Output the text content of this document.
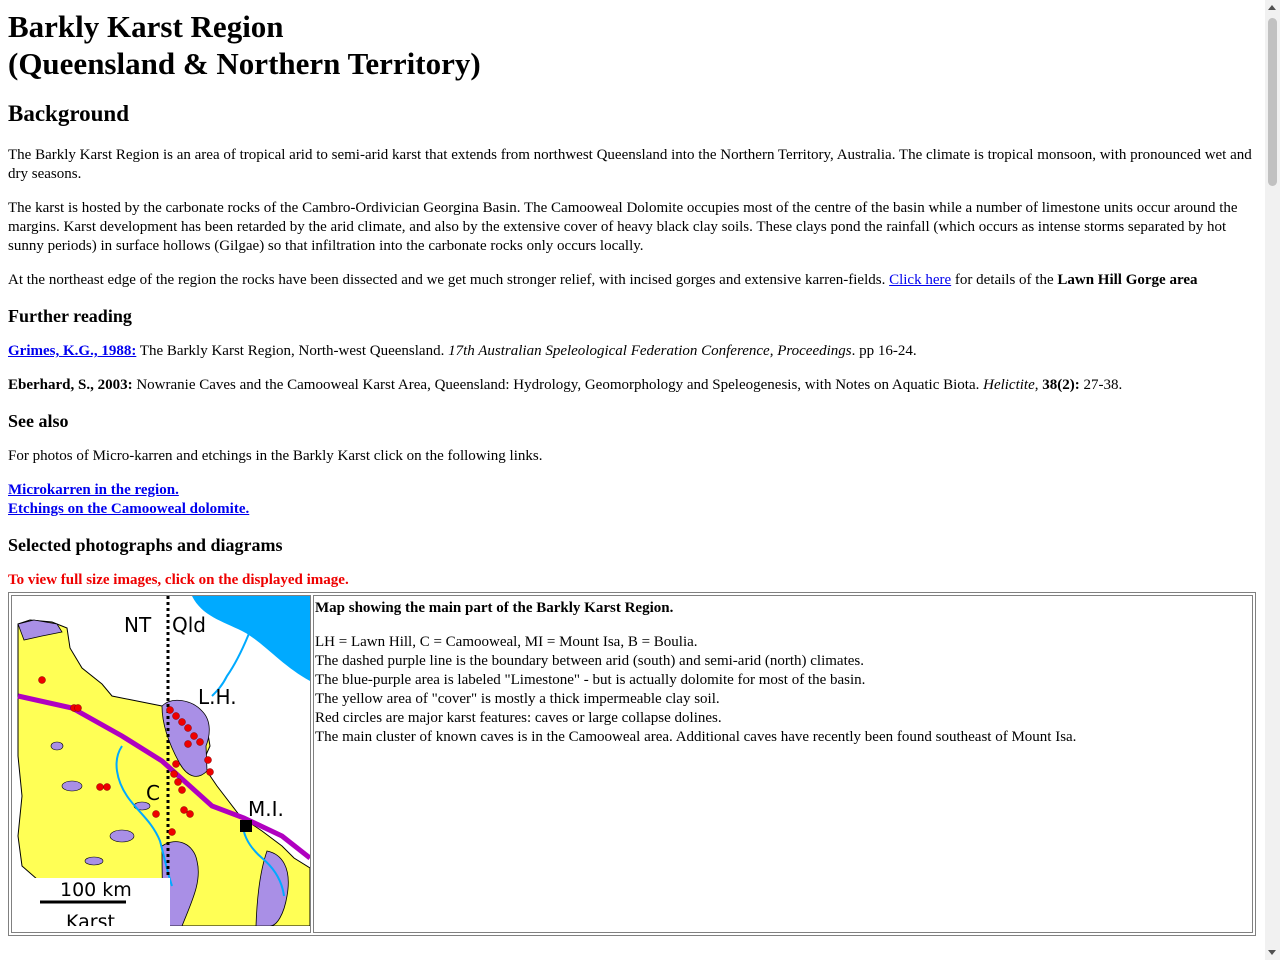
Barkly Karst Region
(Queensland & Northern Territory)
Background

The Barkly Karst Region is an area of tropical arid to semi-arid karst that extends from northwest Queensland into the Northern Territory, Australia. The climate is tropical monsoon, with pronounced wet and dry seasons.

The karst is hosted by the carbonate rocks of the Cambro-Ordivician Georgina Basin. The Camooweal Dolomite occupies most of the centre of the basin while a number of limestone units occur around the margins. Karst development has been retarded by the arid climate, and also by the extensive cover of heavy black clay soils. These clays pond the rainfall (which occurs as intense storms separated by hot sunny periods) in surface hollows (Gilgae) so that infiltration into the carbonate rocks only occurs locally.

At the northeast edge of the region the rocks have been dissected and we get much stronger relief, with incised gorges and extensive karren-fields. Click here for details of the Lawn Hill Gorge area

Further reading

Grimes, K.G., 1988: The Barkly Karst Region, North-west Queensland. 17th Australian Speleological Federation Conference, Proceedings. pp 16-24.

Eberhard, S., 2003: Nowranie Caves and the Camooweal Karst Area, Queensland: Hydrology, Geomorphology and Speleogenesis, with Notes on Aquatic Biota. Helictite, 38(2): 27-38.

See also

For photos of Micro-karren and etchings in the Barkly Karst click on the following links.

Microkarren in the region.
Etchings on the Camooweal dolomite.

Selected photographs and diagrams
To view full size images, click on the displayed image.
NT Qld
L.H.
C
M.I.
100 km
Karst

Map showing the main part of the Barkly Karst Region.
LH = Lawn Hill, C = Camooweal, MI = Mount Isa, B = Boulia.
The dashed purple line is the boundary between arid (south) and semi-arid (north) climates.
The blue-purple area is labeled "Limestone" - but is actually dolomite for most of the basin.
The yellow area of "cover" is mostly a thick impermeable clay soil.
Red circles are major karst features: caves or large collapse dolines.
The main cluster of known caves is in the Camooweal area. Additional caves have recently been found southeast of Mount Isa.
